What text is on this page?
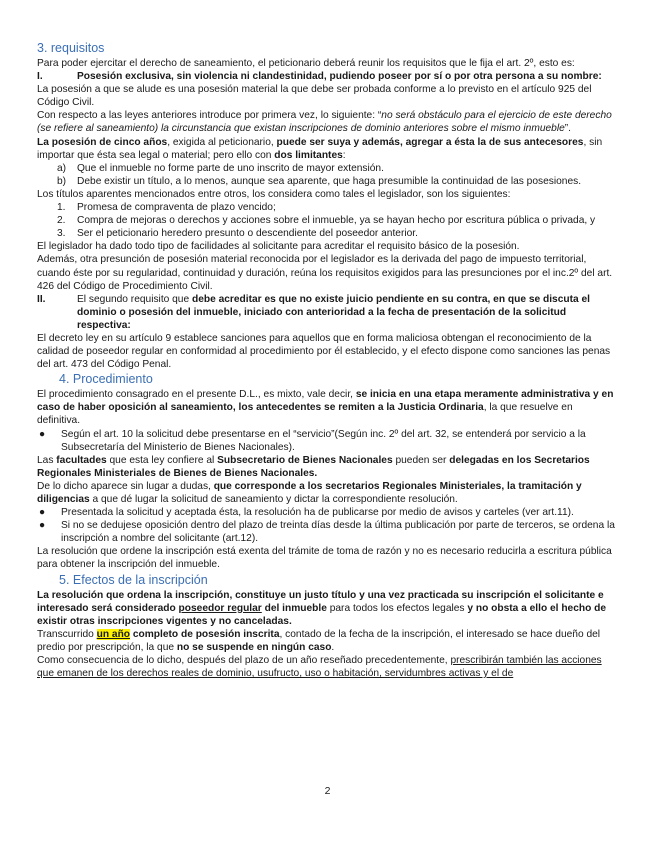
3. requisitos

Para poder ejercitar el derecho de saneamiento, el peticionario deberá reunir los requisitos que le fija el art. 2º, esto es:

I.	Posesión exclusiva, sin violencia ni clandestinidad, pudiendo poseer por sí o por otra persona a su nombre:

La posesión a que se alude es una posesión material la que debe ser probada conforme a lo previsto en el artículo 925 del Código Civil.

Con respecto a las leyes anteriores introduce por primera vez, lo siguiente: “no será obstáculo para el ejercicio de este derecho (se refiere al saneamiento) la circunstancia que existan inscripciones de dominio anteriores sobre el mismo inmueble”.

La posesión de cinco años, exigida al peticionario, puede ser suya y además, agregar a ésta la de sus antecesores, sin importar que ésta sea legal o material; pero ello con dos limitantes:

a)	Que el inmueble no forme parte de uno inscrito de mayor extensión.
b)	Debe existir un título, a lo menos, aunque sea aparente, que haga presumible la continuidad de las posesiones.

Los títulos aparentes mencionados entre otros, los considera como tales el legislador, son los siguientes:

1.	Promesa de compraventa de plazo vencido;
2.	Compra de mejoras o derechos y acciones sobre el inmueble, ya se hayan hecho por escritura pública o privada, y
3.	Ser el peticionario heredero presunto o descendiente del poseedor anterior.

El legislador ha dado todo tipo de facilidades al solicitante para acreditar el requisito básico de la posesión.

Además, otra presunción de posesión material reconocida por el legislador es la derivada del pago de impuesto territorial, cuando éste por su regularidad, continuidad y duración, reúna los requisitos exigidos para las presunciones por el inc.2º del art. 426 del Código de Procedimiento Civil.

II.	El segundo requisito que debe acreditar es que no existe juicio pendiente en su contra, en que se discuta el dominio o posesión del inmueble, iniciado con anterioridad a la fecha de presentación de la solicitud respectiva:

El decreto ley en su artículo 9 establece sanciones para aquellos que en forma maliciosa obtengan el reconocimiento de la calidad de poseedor regular en conformidad al procedimiento por él establecido, y el efecto dispone como sanciones las penas del art. 473 del Código Penal.

4. Procedimiento

El procedimiento consagrado en el presente D.L., es mixto, vale decir, se inicia en una etapa meramente administrativa y en caso de haber oposición al saneamiento, los antecedentes se remiten a la Justicia Ordinaria, la que resuelve en definitiva.

●	Según el art. 10 la solicitud debe presentarse en el “servicio”(Según inc. 2º del art. 32, se entenderá por servicio a la Subsecretaría del Ministerio de Bienes Nacionales).

Las facultades que esta ley confiere al Subsecretario de Bienes Nacionales pueden ser delegadas en los Secretarios Regionales Ministeriales de Bienes de Bienes Nacionales.

De lo dicho aparece sin lugar a dudas, que corresponde a los secretarios Regionales Ministeriales, la tramitación y diligencias a que dé lugar la solicitud de saneamiento y dictar la correspondiente resolución.

●	Presentada la solicitud y aceptada ésta, la resolución ha de publicarse por medio de avisos y carteles (ver art.11).
●	Si no se dedujese oposición dentro del plazo de treinta días desde la última publicación por parte de terceros, se ordena la inscripción a nombre del solicitante (art.12).

La resolución que ordene la inscripción está exenta del trámite de toma de razón y no es necesario reducirla a escritura pública para obtener la inscripción del inmueble.

5. Efectos de la inscripción

La resolución que ordena la inscripción, constituye un justo título y una vez practicada su inscripción el solicitante e interesado será considerado poseedor regular del inmueble para todos los efectos legales y no obsta a ello el hecho de existir otras inscripciones vigentes y no canceladas.

Transcurrido un año completo de posesión inscrita, contado de la fecha de la inscripción, el interesado se hace dueño del predio por prescripción, la que no se suspende en ningún caso.

Como consecuencia de lo dicho, después del plazo de un año reseñado precedentemente, prescribirán también las acciones que emanen de los derechos reales de dominio, usufructo, uso o habitación, servidumbres activas y el de

2
